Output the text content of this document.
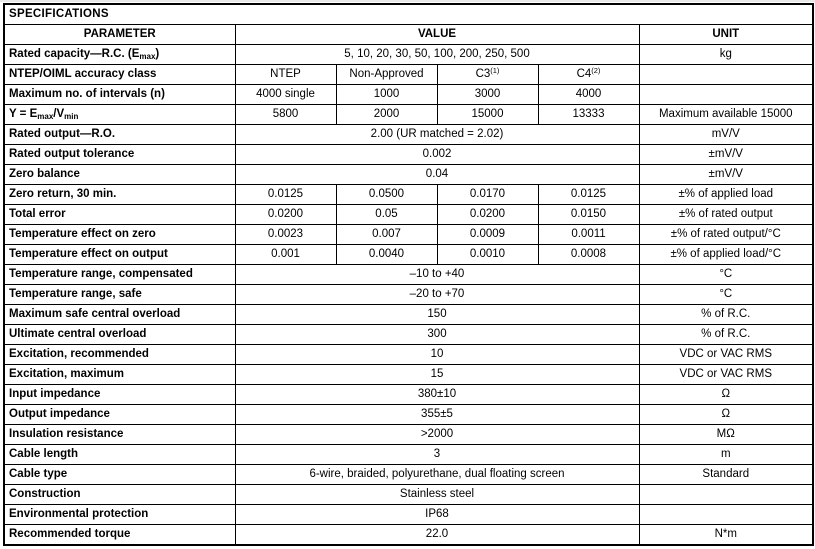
SPECIFICATIONS					
PARAMETER	VALUE				UNIT
Rated capacity—R.C. $(E_{max})$	5, 10, 20, 30, 50, 100, 200, 250, 500				kg
NTEP/OIML accuracy class	NTEP	Non-Approved	C3$^{(1)}$	C4$^{(2)}$	
Maximum no. of intervals (n)	4000 single	1000	3000	4000	
$Y = E_{max}/V_{min}$	5800	2000	15000	13333	Maximum available 15000
Rated output—R.O.	2.00 (UR matched = 2.02)				mV/V
Rated output tolerance	0.002				±mV/V
Zero balance	0.04				±mV/V
Zero return, 30 min.	0.0125	0.0500	0.0170	0.0125	±% of applied load
Total error	0.0200	0.05	0.0200	0.0150	±% of rated output
Temperature effect on zero	0.0023	0.007	0.0009	0.0011	±% of rated output/°C
Temperature effect on output	0.001	0.0040	0.0010	0.0008	±% of applied load/°C
Temperature range, compensated	–10 to +40				°C
Temperature range, safe	–20 to +70				°C
Maximum safe central overload	150				% of R.C.
Ultimate central overload	300				% of R.C.
Excitation, recommended	10				VDC or VAC RMS
Excitation, maximum	15				VDC or VAC RMS
Input impedance	380±10				Ω
Output impedance	355±5				Ω
Insulation resistance	>2000				MΩ
Cable length	3				m
Cable type	6-wire, braided, polyurethane, dual floating screen				Standard
Construction	Stainless steel				
Environmental protection	IP68				
Recommended torque	22.0				N*m
